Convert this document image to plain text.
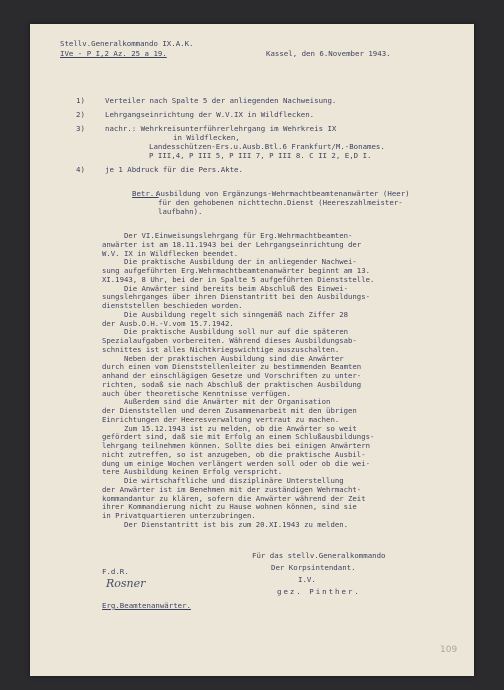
Stellv.Generalkommando IX.A.K.
IVe - P I,2 Az. 25 a 19.	Kassel, den 6.November 1943.
1)	Verteiler nach Spalte 5 der anliegenden Nachweisung.
2)	Lehrgangseinrichtung der W.V.IX in Wildflecken.
3)	nachr.: Wehrkreisunterführerlehrgang im Wehrkreis IX
in Wildflecken,
Landesschützen-Ers.u.Ausb.Btl.6 Frankfurt/M.-Bonames.
P III,4, P III 5, P III 7, P III 8. C II 2, E,D I.
4)	je 1 Abdruck für die Pers.Akte.
Betr.:
Ausbildung von Ergänzungs-Wehrmachtbeamtenanwärter (Heer)
für den gehobenen nichttechn.Dienst (Heereszahlmeister-
laufbahn).
Der VI.Einweisungslehrgang für Erg.Wehrmachtbeamten-
anwärter ist am 18.11.1943 bei der Lehrgangseinrichtung der
W.V. IX in Wildflecken beendet.
Die praktische Ausbildung der in anliegender Nachwei-
sung aufgeführten Erg.Wehrmachtbeamtenanwärter beginnt am 13.
XI.1943, 8 Uhr, bei der in Spalte 5 aufgeführten Dienststelle.
Die Anwärter sind bereits beim Abschluß des Einwei-
sungslehrganges über ihren Dienstantritt bei den Ausbildungs-
dienststellen beschieden worden.
Die Ausbildung regelt sich sinngemäß nach Ziffer 28
der Ausb.O.H.-V.vom 15.7.1942.
Die praktische Ausbildung soll nur auf die späteren
Spezialaufgaben vorbereiten. Während dieses Ausbildungsab-
schnittes ist alles Nichtkriegswichtige auszuschalten.
Neben der praktischen Ausbildung sind die Anwärter
durch einen vom Dienststellenleiter zu bestimmenden Beamten
anhand der einschlägigen Gesetze und Vorschriften zu unter-
richten, sodaß sie nach Abschluß der praktischen Ausbildung
auch über theoretische Kenntnisse verfügen.
Außerdem sind die Anwärter mit der Organisation
der Dienststellen und deren Zusammenarbeit mit den übrigen
Einrichtungen der Heeresverwaltung vertraut zu machen.
Zum 15.12.1943 ist zu melden, ob die Anwärter so weit
gefördert sind, daß sie mit Erfolg an einem Schlußausbildungs-
lehrgang teilnehmen können. Sollte dies bei einigen Anwärtern
nicht zutreffen, so ist anzugeben, ob die praktische Ausbil-
dung um einige Wochen verlängert werden soll oder ob die wei-
tere Ausbildung keinen Erfolg verspricht.
Die wirtschaftliche und disziplinäre Unterstellung
der Anwärter ist im Benehmen mit der zuständigen Wehrmacht-
kommandantur zu klären, sofern die Anwärter während der Zeit
ihrer Kommandierung nicht zu Hause wohnen können, sind sie
in Privatquartieren unterzubringen.
Der Dienstantritt ist bis zum 20.XI.1943 zu melden.
Für das stellv.Generalkommando
Der Korpsintendant.
I.V.
gez. Pinther.
F.d.R.
Rosner
Erg.Beamtenanwärter.
109
